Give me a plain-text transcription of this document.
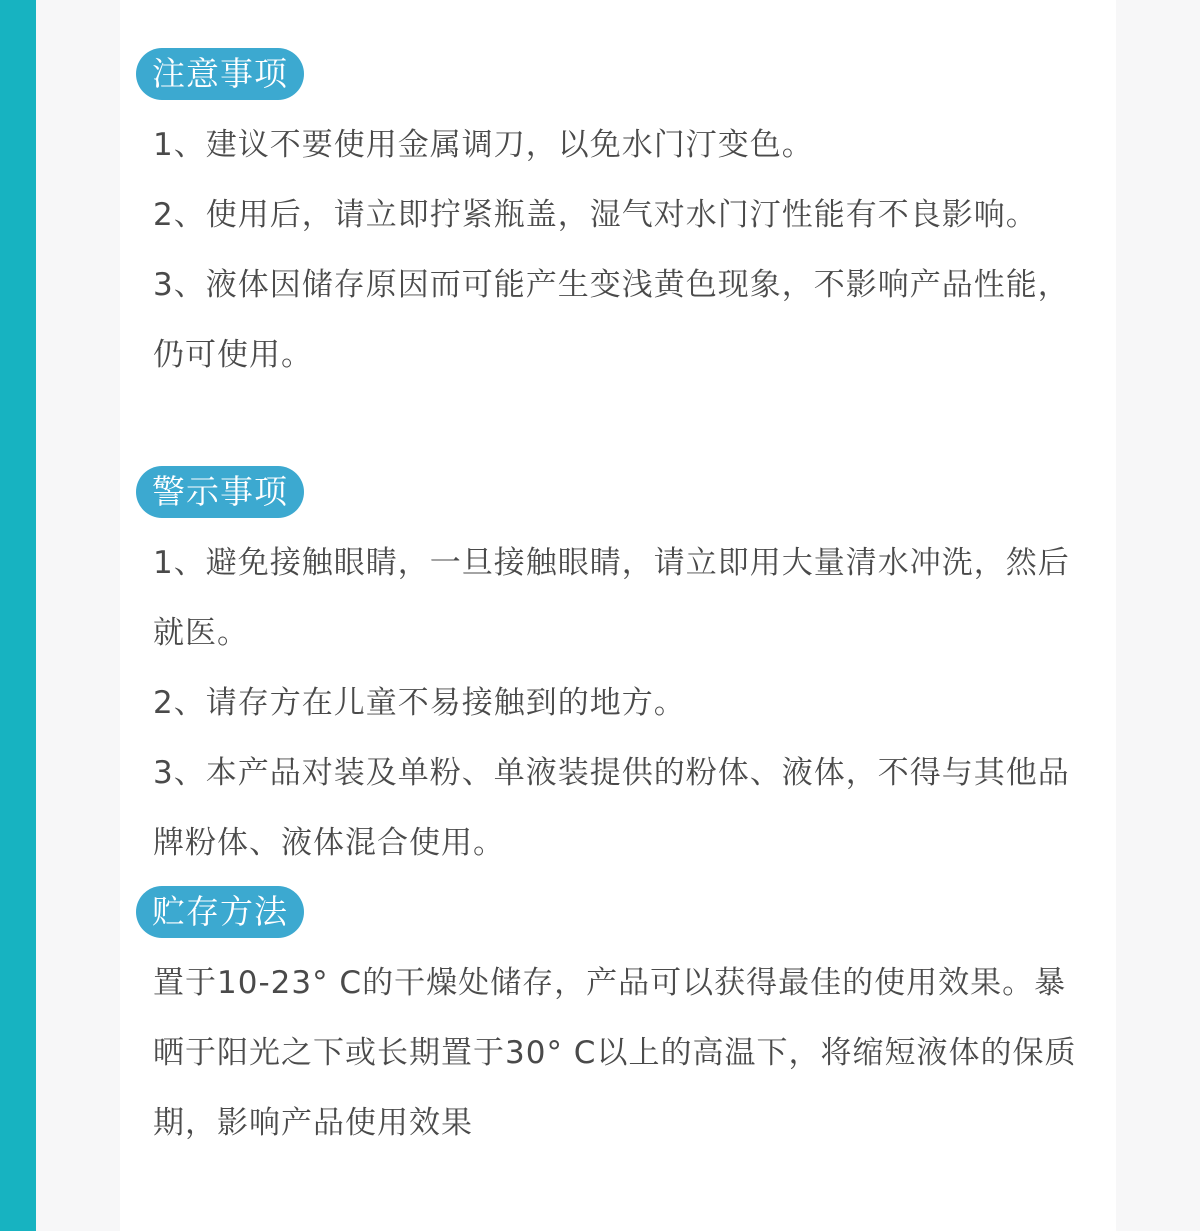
注意事项

1、建议不要使用金属调刀，以免水门汀变色。

2、使用后，请立即拧紧瓶盖，湿气对水门汀性能有不良影响。

3、液体因储存原因而可能产生变浅黄色现象，不影响产品性能，仍可使用。

警示事项

1、避免接触眼睛，一旦接触眼睛，请立即用大量清水冲洗，然后就医。

2、请存方在儿童不易接触到的地方。

3、本产品对装及单粉、单液装提供的粉体、液体，不得与其他品牌粉体、液体混合使用。

贮存方法

置于10-23° C的干燥处储存，产品可以获得最佳的使用效果。暴晒于阳光之下或长期置于30° C以上的高温下，将缩短液体的保质期，影响产品使用效果
